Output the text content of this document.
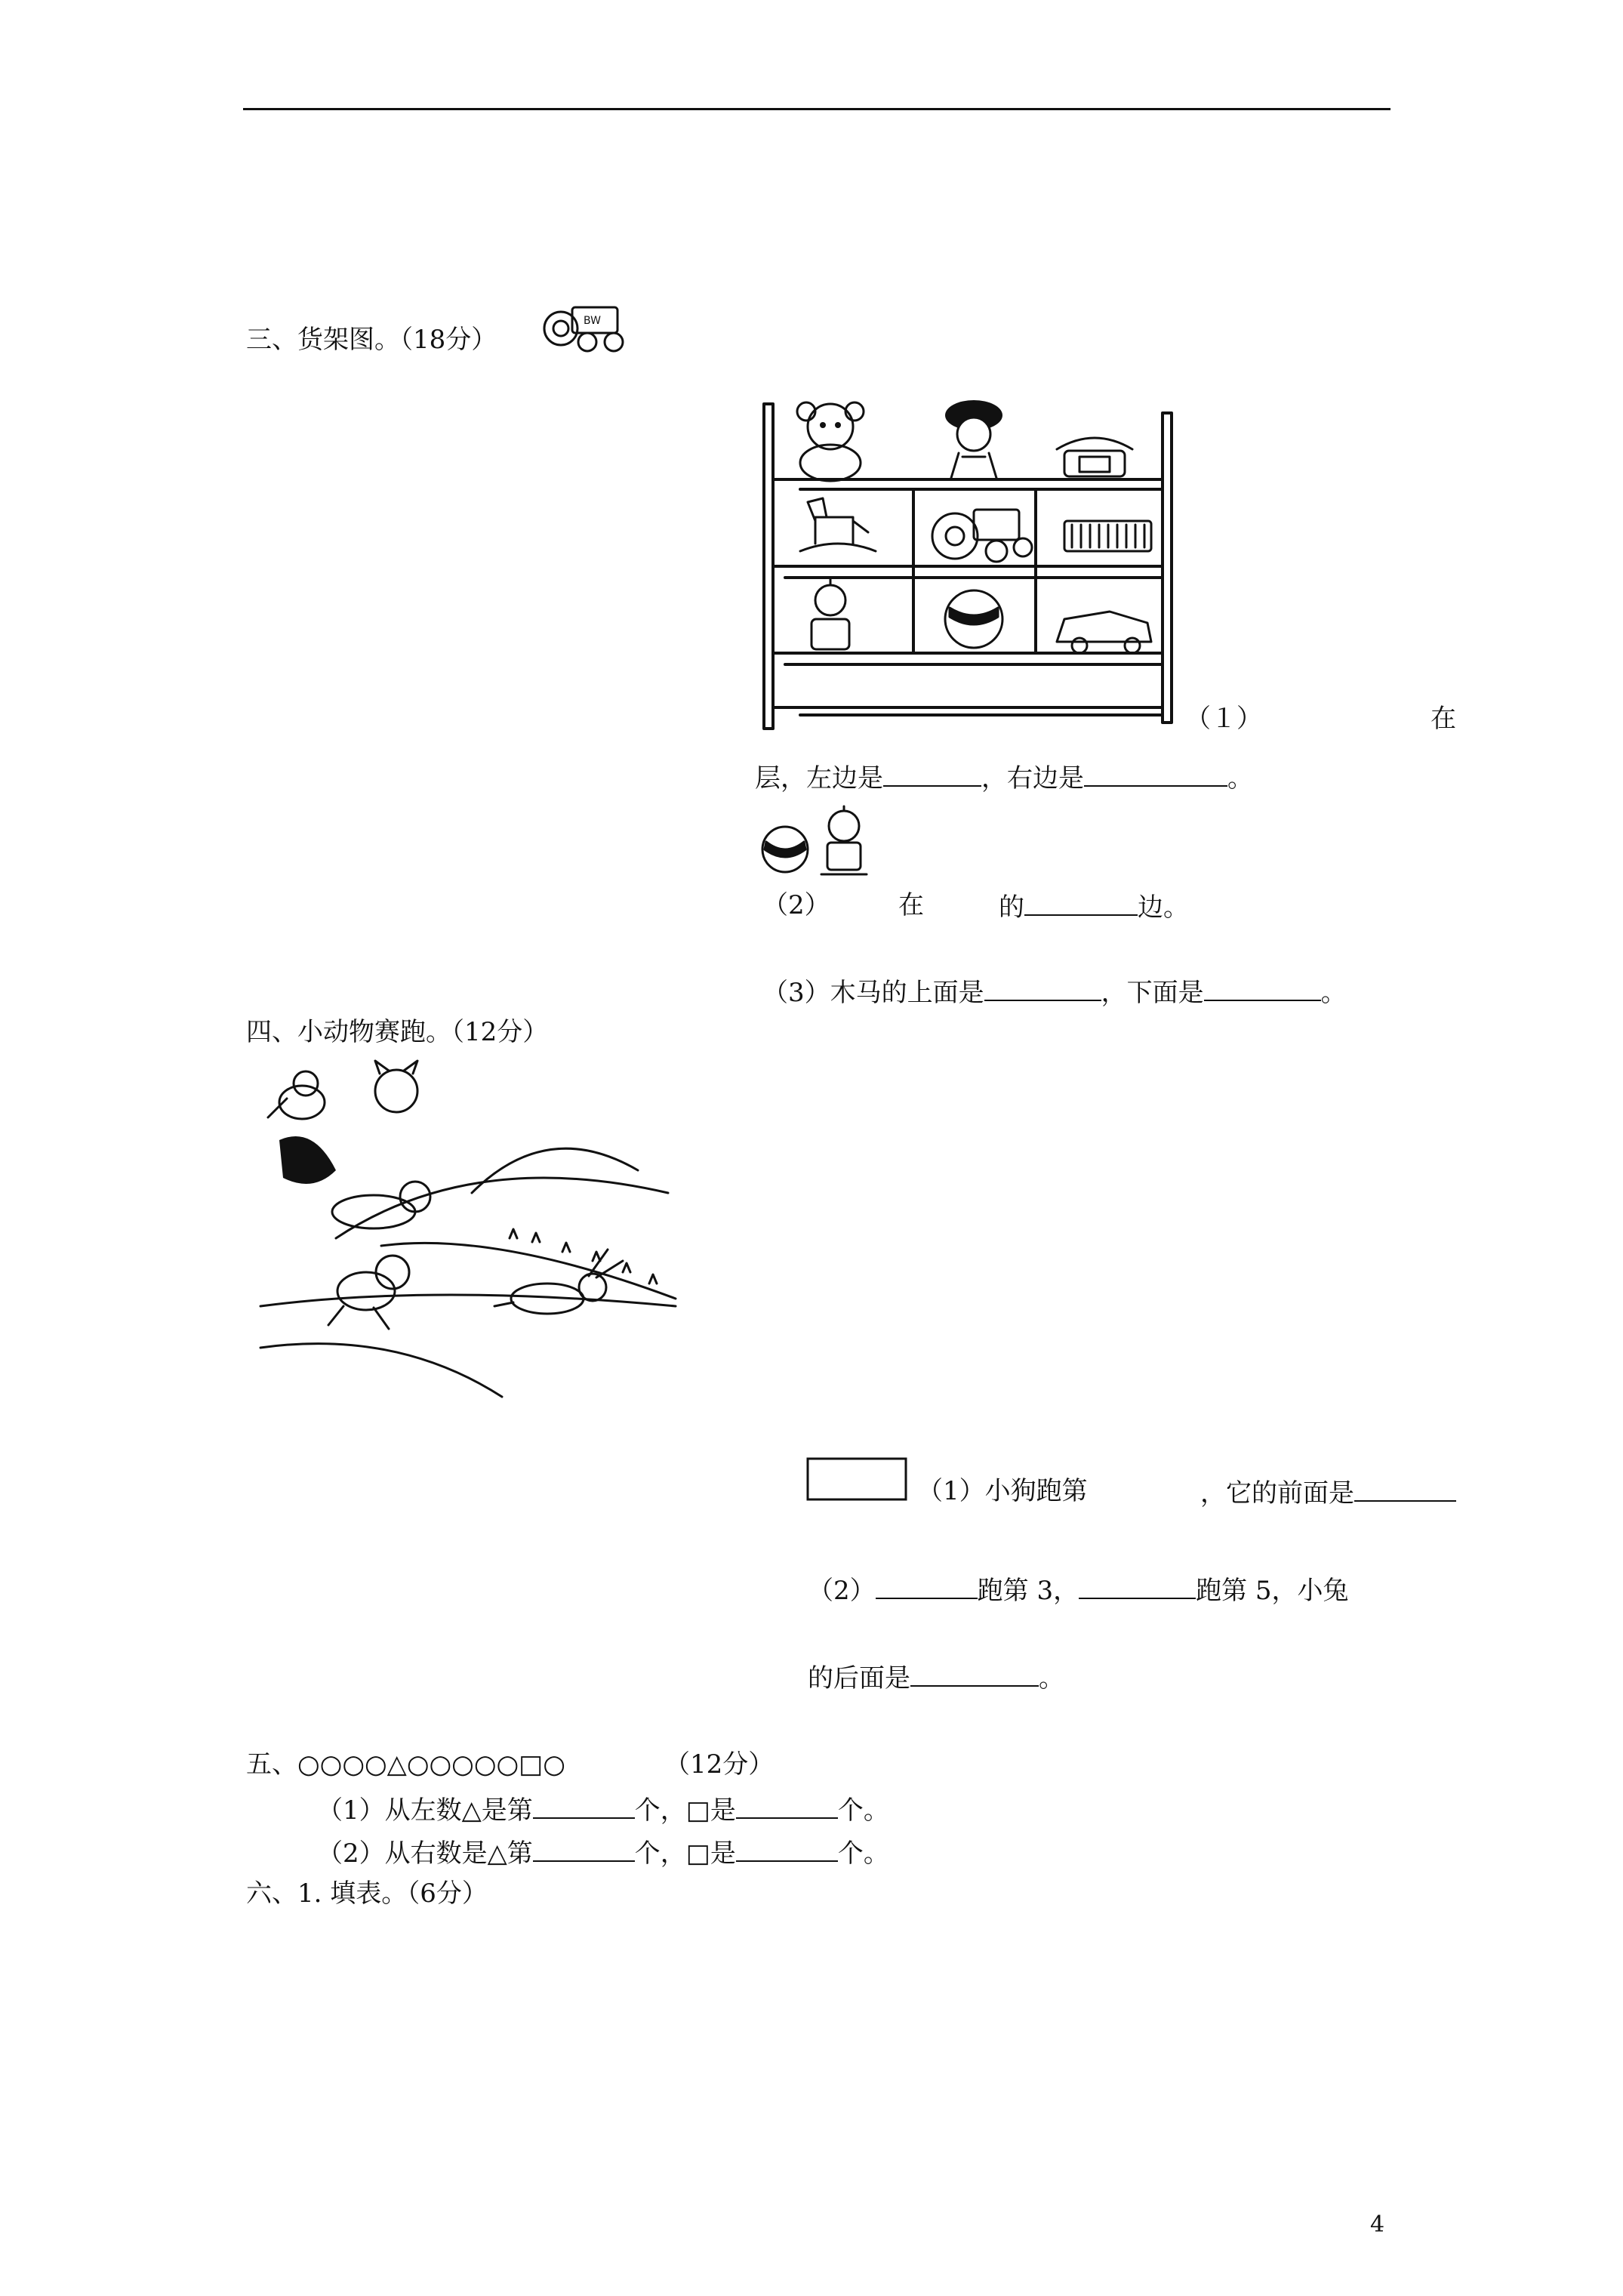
三、货架图。（18分）
BW
（１）	在
层，左边是	，右边是	。
（2）	在	的	边。
（3）木马的上面是	，下面是	。
四、小动物赛跑。（12分）
（1）小狗跑第	，它的前面是
（2）	跑第 3，	跑第 5，小兔
的后面是	。
五、○○○○△○○○○○□○	（12分）
（1）从左数△是第	个，□是	个。
（2）从右数是△第	个，□是	个。
六、1. 填表。（6分）
4
